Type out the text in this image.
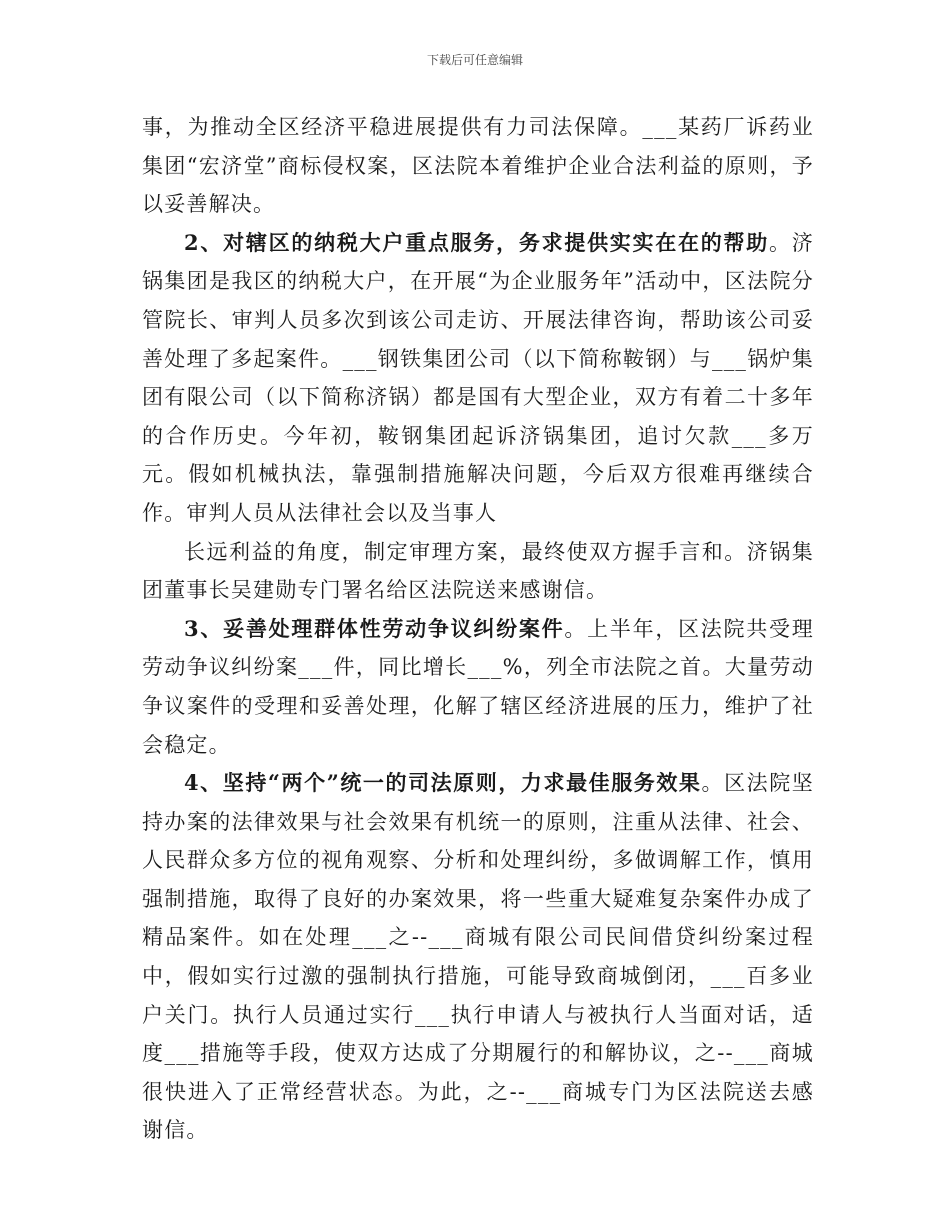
下载后可任意编辑

事，为推动全区经济平稳进展提供有力司法保障。___某药厂诉药业集团“宏济堂”商标侵权案，区法院本着维护企业合法利益的原则，予以妥善解决。

2、对辖区的纳税大户重点服务，务求提供实实在在的帮助。济锅集团是我区的纳税大户，在开展“为企业服务年”活动中，区法院分管院长、审判人员多次到该公司走访、开展法律咨询，帮助该公司妥善处理了多起案件。___钢铁集团公司（以下简称鞍钢）与___锅炉集团有限公司（以下简称济锅）都是国有大型企业，双方有着二十多年的合作历史。今年初，鞍钢集团起诉济锅集团，追讨欠款___多万元。假如机械执法，靠强制措施解决问题，今后双方很难再继续合作。审判人员从法律社会以及当事人

长远利益的角度，制定审理方案，最终使双方握手言和。济锅集团董事长吴建勋专门署名给区法院送来感谢信。

3、妥善处理群体性劳动争议纠纷案件。上半年，区法院共受理劳动争议纠纷案___件，同比增长___%，列全市法院之首。大量劳动争议案件的受理和妥善处理，化解了辖区经济进展的压力，维护了社会稳定。

4、坚持“两个”统一的司法原则，力求最佳服务效果。区法院坚持办案的法律效果与社会效果有机统一的原则，注重从法律、社会、人民群众多方位的视角观察、分析和处理纠纷，多做调解工作，慎用强制措施，取得了良好的办案效果，将一些重大疑难复杂案件办成了精品案件。如在处理___之--___商城有限公司民间借贷纠纷案过程中，假如实行过激的强制执行措施，可能导致商城倒闭，___百多业户关门。执行人员通过实行___执行申请人与被执行人当面对话，适度___措施等手段，使双方达成了分期履行的和解协议，之--___商城很快进入了正常经营状态。为此，之--___商城专门为区法院送去感谢信。
